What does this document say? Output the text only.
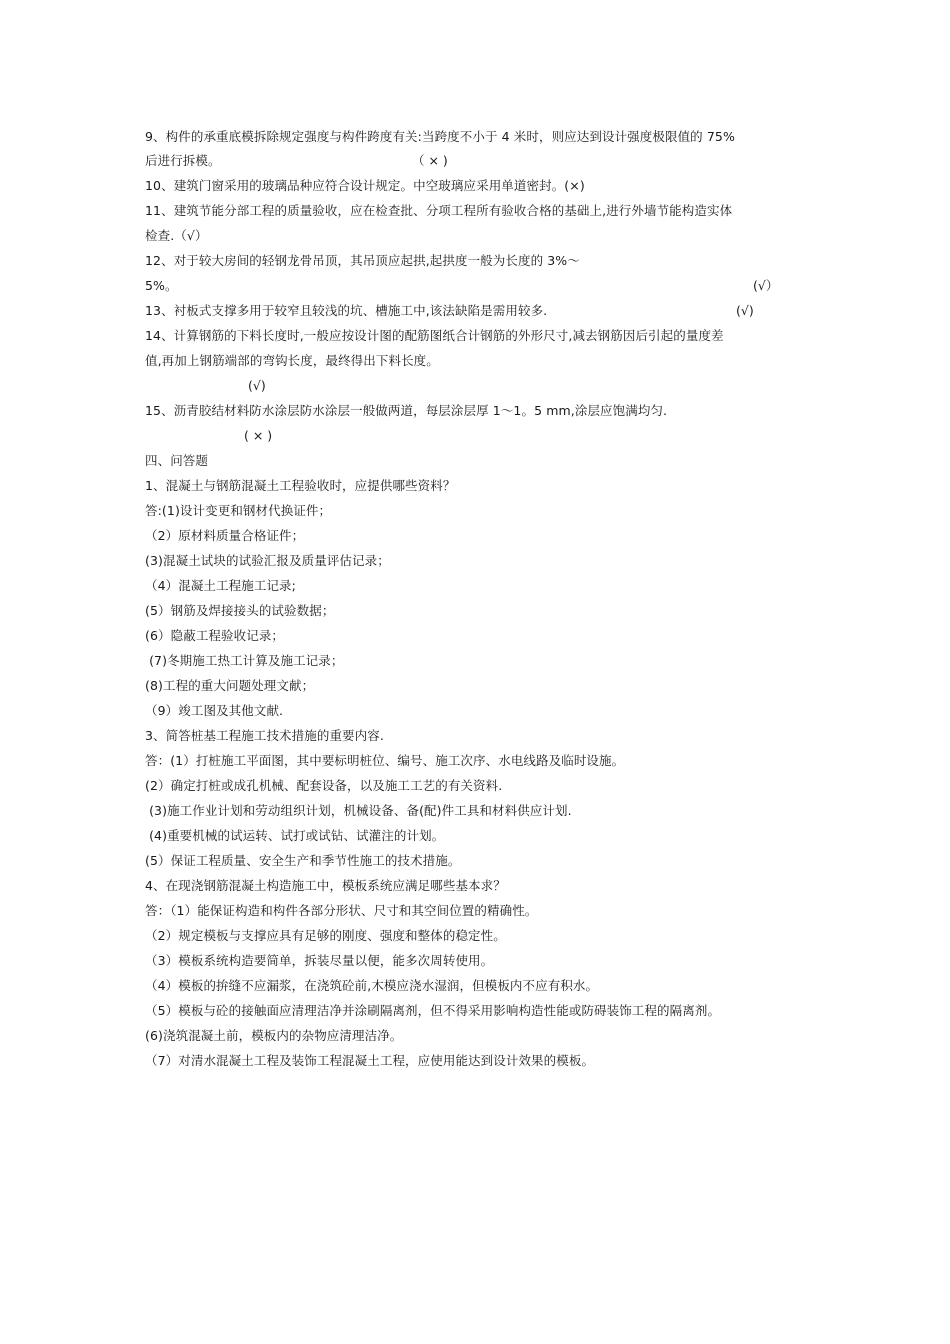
9、构件的承重底模拆除规定强度与构件跨度有关:当跨度不小于 4 米时，则应达到设计强度极限值的 75%
后进行拆模。	（ × )
10、建筑门窗采用的玻璃品种应符合设计规定。中空玻璃应采用单道密封。(×)
11、建筑节能分部工程的质量验收，应在检查批、分项工程所有验收合格的基础上,进行外墙节能构造实体
检查.（√）
12、对于较大房间的轻钢龙骨吊顶，其吊顶应起拱,起拱度一般为长度的 3%～
5%。	(√）
13、衬板式支撑多用于较窄且较浅的坑、槽施工中,该法缺陷是需用较多.	(√)
14、计算钢筋的下料长度时,一般应按设计图的配筋图纸合计钢筋的外形尺寸,减去钢筋因后引起的量度差
值,再加上钢筋端部的弯钩长度，最终得出下料长度。
(√)
15、沥青胶结材料防水涂层防水涂层一般做两道，每层涂层厚 1～1。5 mm,涂层应饱满均匀.
( × )
四、问答题
1、混凝土与钢筋混凝土工程验收时，应提供哪些资料？
答:(1)设计变更和钢材代换证件；
（2）原材料质量合格证件；
(3)混凝土试块的试验汇报及质量评估记录；
（4）混凝土工程施工记录;
(5）钢筋及焊接接头的试验数据；
(6）隐蔽工程验收记录；
(7)冬期施工热工计算及施工记录；
(8)工程的重大问题处理文献；
（9）竣工图及其他文献.
3、简答桩基工程施工技术措施的重要内容.
答：(1）打桩施工平面图，其中要标明桩位、编号、施工次序、水电线路及临时设施。
(2）确定打桩或成孔机械、配套设备，以及施工工艺的有关资料.
(3)施工作业计划和劳动组织计划，机械设备、备(配)件工具和材料供应计划.
(4)重要机械的试运转、试打或试钻、试灌注的计划。
(5）保证工程质量、安全生产和季节性施工的技术措施。
4、在现浇钢筋混凝土构造施工中，模板系统应满足哪些基本求？
答：（1）能保证构造和构件各部分形状、尺寸和其空间位置的精确性。
（2）规定模板与支撑应具有足够的刚度、强度和整体的稳定性。
（3）模板系统构造要简单，拆装尽量以便，能多次周转使用。
（4）模板的拚缝不应漏浆，在浇筑砼前,木模应浇水湿润，但模板内不应有积水。
（5）模板与砼的接触面应清理洁净并涂刷隔离剂，但不得采用影响构造性能或防碍装饰工程的隔离剂。
(6)浇筑混凝土前，模板内的杂物应清理洁净。
（7）对清水混凝土工程及装饰工程混凝土工程，应使用能达到设计效果的模板。
